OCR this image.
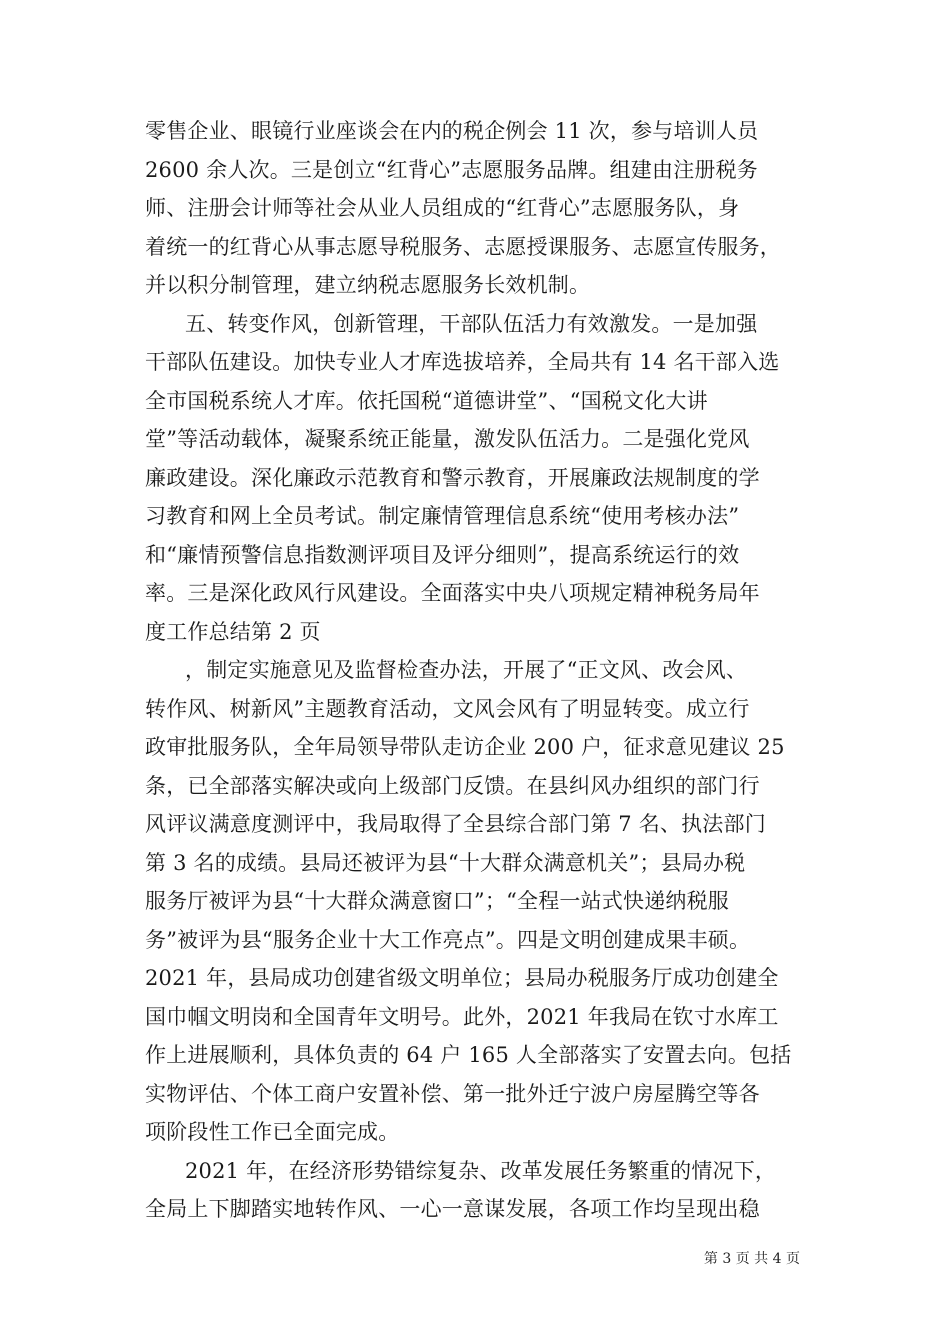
零售企业、眼镜行业座谈会在内的税企例会 11 次，参与培训人员
2600 余人次。三是创立“红背心”志愿服务品牌。组建由注册税务
师、注册会计师等社会从业人员组成的“红背心”志愿服务队，身
着统一的红背心从事志愿导税服务、志愿授课服务、志愿宣传服务，
并以积分制管理，建立纳税志愿服务长效机制。
五、转变作风，创新管理，干部队伍活力有效激发。一是加强
干部队伍建设。加快专业人才库选拔培养，全局共有 14 名干部入选
全市国税系统人才库。依托国税“道德讲堂”、“国税文化大讲
堂”等活动载体，凝聚系统正能量，激发队伍活力。二是强化党风
廉政建设。深化廉政示范教育和警示教育，开展廉政法规制度的学
习教育和网上全员考试。制定廉情管理信息系统“使用考核办法”
和“廉情预警信息指数测评项目及评分细则”，提高系统运行的效
率。三是深化政风行风建设。全面落实中央八项规定精神税务局年
度工作总结第 2 页
，制定实施意见及监督检查办法，开展了“正文风、改会风、
转作风、树新风”主题教育活动，文风会风有了明显转变。成立行
政审批服务队，全年局领导带队走访企业 200 户，征求意见建议 25
条，已全部落实解决或向上级部门反馈。在县纠风办组织的部门行
风评议满意度测评中，我局取得了全县综合部门第 7 名、执法部门
第 3 名的成绩。县局还被评为县“十大群众满意机关”；县局办税
服务厅被评为县“十大群众满意窗口”；“全程一站式快递纳税服
务”被评为县“服务企业十大工作亮点”。四是文明创建成果丰硕。
2021 年，县局成功创建省级文明单位；县局办税服务厅成功创建全
国巾帼文明岗和全国青年文明号。此外，2021 年我局在钦寸水库工
作上进展顺利，具体负责的 64 户 165 人全部落实了安置去向。包括
实物评估、个体工商户安置补偿、第一批外迁宁波户房屋腾空等各
项阶段性工作已全面完成。
2021 年，在经济形势错综复杂、改革发展任务繁重的情况下，
全局上下脚踏实地转作风、一心一意谋发展，各项工作均呈现出稳
第 3 页 共 4 页
